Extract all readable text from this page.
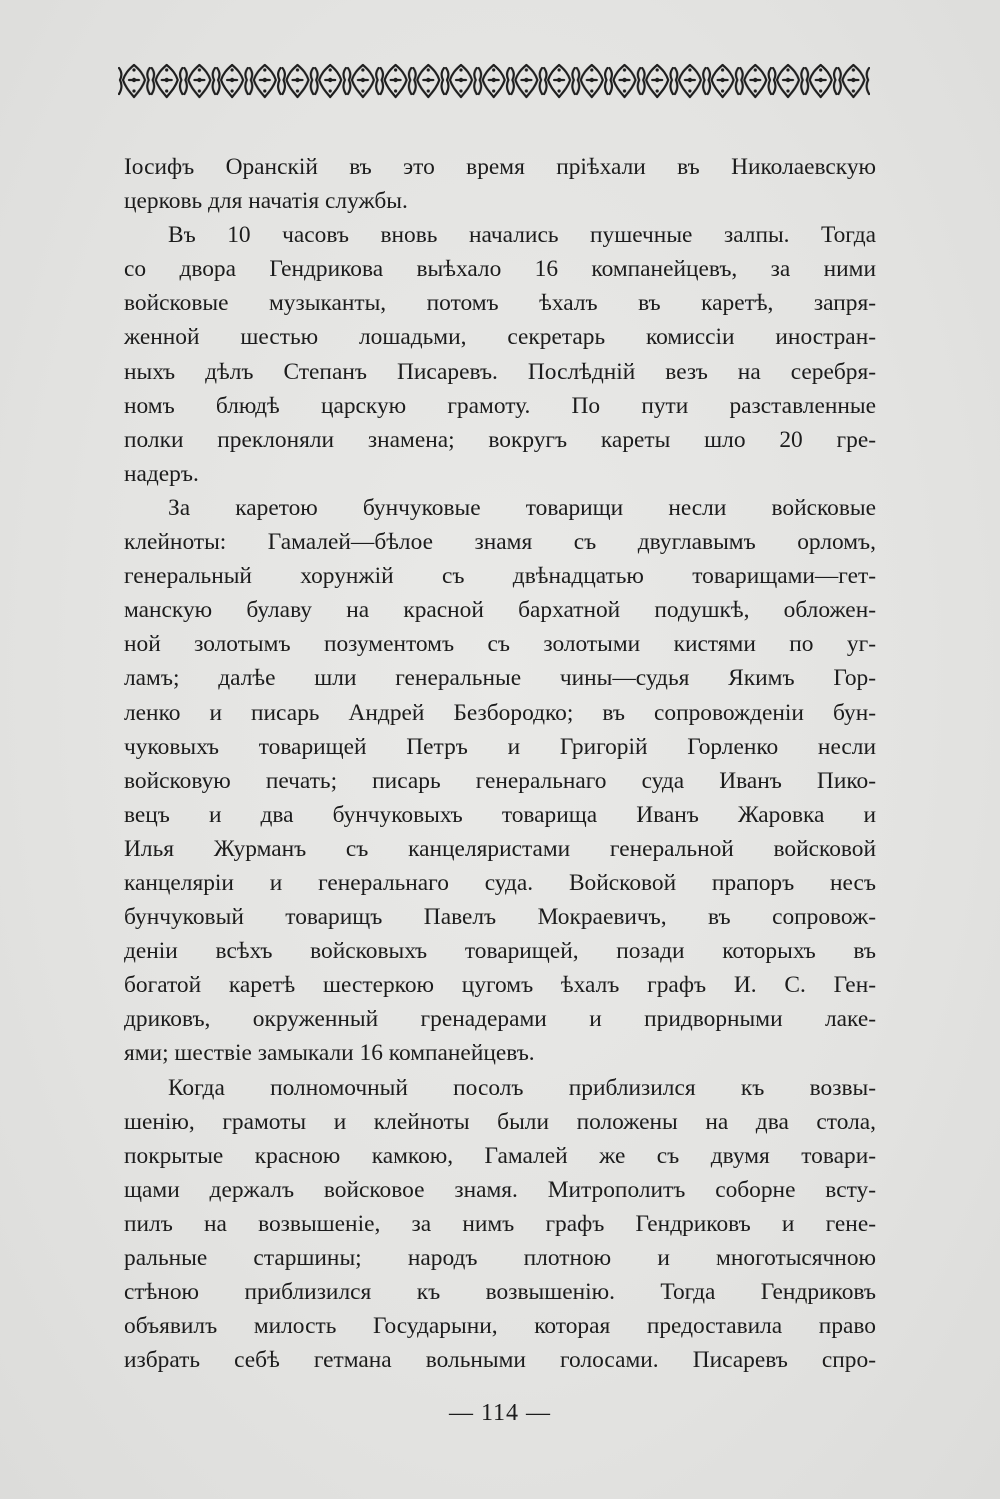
Іосифъ Оранскій въ это время пріѣхали въ Николаевскую
церковь для начатія службы.
Въ 10 часовъ вновь начались пушечные залпы. Тогда
со двора Гендрикова выѣхало 16 компанейцевъ, за ними
войсковые музыканты, потомъ ѣхалъ въ каретѣ, запря-
женной шестью лошадьми, секретарь комиссіи иностран-
ныхъ дѣлъ Степанъ Писаревъ. Послѣдній везъ на серебря-
номъ блюдѣ царскую грамоту. По пути разставленные
полки преклоняли знамена; вокругъ кареты шло 20 гре-
надеръ.
За каретою бунчуковые товарищи несли войсковые
клейноты: Гамалей—бѣлое знамя съ двуглавымъ орломъ,
генеральный хорунжій съ двѣнадцатью товарищами—гет-
манскую булаву на красной бархатной подушкѣ, обложен-
ной золотымъ позументомъ съ золотыми кистями по уг-
ламъ; далѣе шли генеральные чины—судья Якимъ Гор-
ленко и писарь Андрей Безбородко; въ сопровожденіи бун-
чуковыхъ товарищей Петръ и Григорій Горленко несли
войсковую печать; писарь генеральнаго суда Иванъ Пико-
вецъ и два бунчуковыхъ товарища Иванъ Жаровка и
Илья Журманъ съ канцеляристами генеральной войсковой
канцеляріи и генеральнаго суда. Войсковой прапоръ несъ
бунчуковый товарищъ Павелъ Мокраевичъ, въ сопровож-
деніи всѣхъ войсковыхъ товарищей, позади которыхъ въ
богатой каретѣ шестеркою цугомъ ѣхалъ графъ И. С. Ген-
дриковъ, окруженный гренадерами и придворными лаке-
ями; шествіе замыкали 16 компанейцевъ.
Когда полномочный посолъ приблизился къ возвы-
шенію, грамоты и клейноты были положены на два стола,
покрытые красною камкою, Гамалей же съ двумя товари-
щами держалъ войсковое знамя. Митрополитъ соборне всту-
пилъ на возвышеніе, за нимъ графъ Гендриковъ и гене-
ральные старшины; народъ плотною и многотысячною
стѣною приблизился къ возвышенію. Тогда Гендриковъ
объявилъ милость Государыни, которая предоставила право
избрать себѣ гетмана вольными голосами. Писаревъ спро-
— 114 —
